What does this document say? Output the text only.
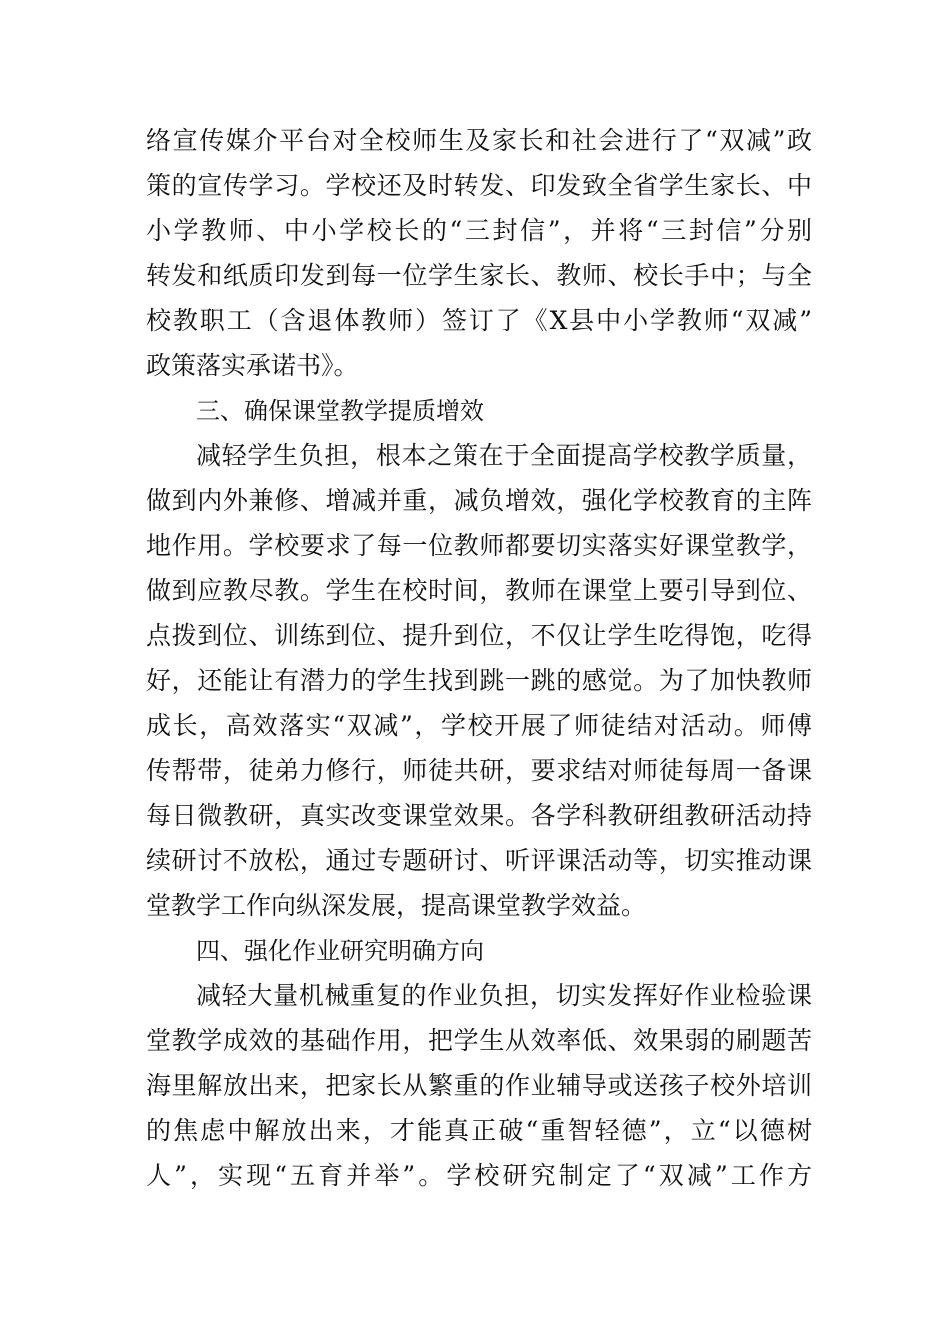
络宣传媒介平台对全校师生及家长和社会进行了“双减”政
策的宣传学习。学校还及时转发、印发致全省学生家长、中
小学教师、中小学校长的“三封信”，并将“三封信”分别
转发和纸质印发到每一位学生家长、教师、校长手中；与全
校教职工（含退体教师）签订了《X县中小学教师“双减”
政策落实承诺书》。
三、确保课堂教学提质增效
减轻学生负担，根本之策在于全面提高学校教学质量，
做到内外兼修、增减并重，减负增效，强化学校教育的主阵
地作用。学校要求了每一位教师都要切实落实好课堂教学，
做到应教尽教。学生在校时间，教师在课堂上要引导到位、
点拨到位、训练到位、提升到位，不仅让学生吃得饱，吃得
好，还能让有潜力的学生找到跳一跳的感觉。为了加快教师
成长，高效落实“双减”，学校开展了师徒结对活动。师傅
传帮带，徒弟力修行，师徒共研，要求结对师徒每周一备课
每日微教研，真实改变课堂效果。各学科教研组教研活动持
续研讨不放松，通过专题研讨、听评课活动等，切实推动课
堂教学工作向纵深发展，提高课堂教学效益。
四、强化作业研究明确方向
减轻大量机械重复的作业负担，切实发挥好作业检验课
堂教学成效的基础作用，把学生从效率低、效果弱的刷题苦
海里解放出来，把家长从繁重的作业辅导或送孩子校外培训
的焦虑中解放出来，才能真正破“重智轻德”，立“以德树
人”，实现“五育并举”。学校研究制定了“双减”工作方
